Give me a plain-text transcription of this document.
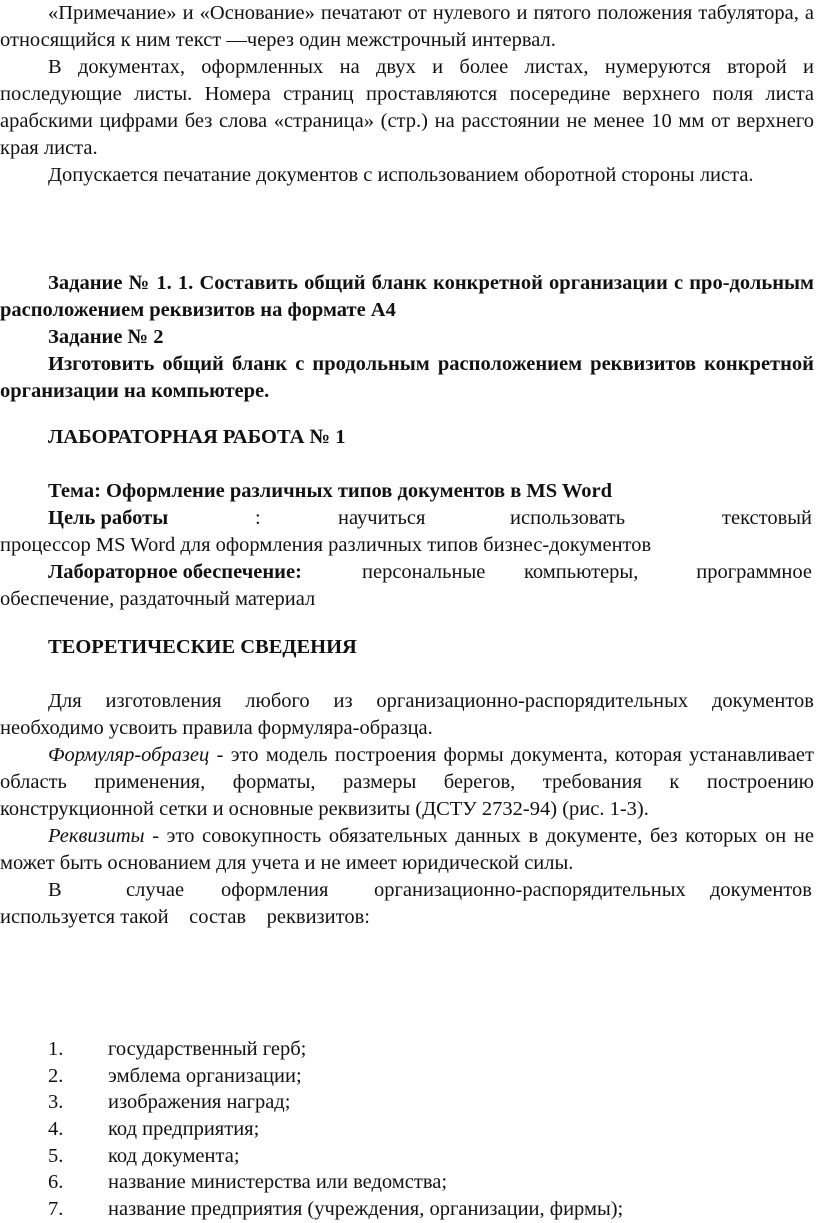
«Примечание» и «Основание» печатают от нулевого и пятого положения табулятора, а относящийся к ним текст —через один межстрочный интервал.

В документах, оформленных на двух и более листах, нумеруются второй и последующие листы. Номера страниц проставляются посередине верхнего поля листа арабскими цифрами без слова «страница» (стр.) на расстоянии не менее 10 мм от верхнего края листа.

Допускается печатание документов с использованием оборотной стороны листа.

Задание № 1. 1. Составить общий бланк конкретной организации с про-дольным расположением реквизитов на формате А4

Задание № 2

Изготовить общий бланк с продольным расположением реквизитов конкретной организации на компьютере.

ЛАБОРАТОРНАЯ РАБОТА № 1

Тема: Оформление различных типов документов в MS Word

Цель работы	:	научиться	использовать	текстовый

процессор MS Word для оформления различных типов бизнес-документов

Лабораторное обеспечение:	персональные компьютеры,	программное

обеспечение, раздаточный материал

ТЕОРЕТИЧЕСКИЕ СВЕДЕНИЯ

Для изготовления любого из организационно-распорядительных документов необходимо усвоить правила формуляра-образца.

Формуляр-образец - это модель построения формы документа, которая устанавливает область применения, форматы, размеры берегов, требования к построению конструкционной сетки и основные реквизиты (ДСТУ 2732-94) (рис. 1-3).

Реквизиты - это совокупность обязательных данных в документе, без которых он не может быть основанием для учета и не имеет юридической силы.

В	случае оформления организационно-распорядительных документов

используется такой    состав    реквизитов:

1. государственный герб;
2. эмблема организации;
3. изображения наград;
4. код предприятия;
5. код документа;
6. название министерства или ведомства;
7. название предприятия (учреждения, организации, фирмы);
